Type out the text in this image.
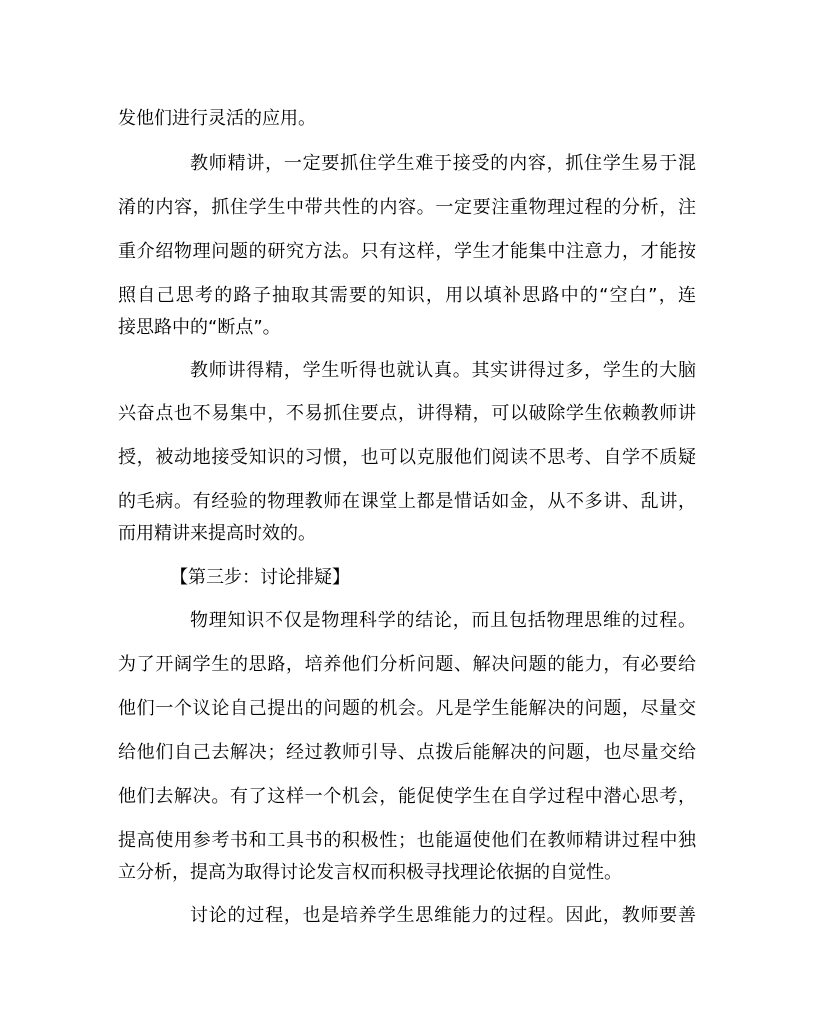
发他们进行灵活的应用。
教师精讲，一定要抓住学生难于接受的内容，抓住学生易于混
淆的内容，抓住学生中带共性的内容。一定要注重物理过程的分析，注
重介绍物理问题的研究方法。只有这样，学生才能集中注意力，才能按
照自己思考的路子抽取其需要的知识，用以填补思路中的“空白”，连
接思路中的“断点”。
教师讲得精，学生听得也就认真。其实讲得过多，学生的大脑
兴奋点也不易集中，不易抓住要点，讲得精，可以破除学生依赖教师讲
授，被动地接受知识的习惯，也可以克服他们阅读不思考、自学不质疑
的毛病。有经验的物理教师在课堂上都是惜话如金，从不多讲、乱讲，
而用精讲来提高时效的。
【第三步：讨论排疑】
物理知识不仅是物理科学的结论，而且包括物理思维的过程。
为了开阔学生的思路，培养他们分析问题、解决问题的能力，有必要给
他们一个议论自己提出的问题的机会。凡是学生能解决的问题，尽量交
给他们自己去解决；经过教师引导、点拨后能解决的问题，也尽量交给
他们去解决。有了这样一个机会，能促使学生在自学过程中潜心思考，
提高使用参考书和工具书的积极性；也能逼使他们在教师精讲过程中独
立分析，提高为取得讨论发言权而积极寻找理论依据的自觉性。
讨论的过程，也是培养学生思维能力的过程。因此，教师要善
